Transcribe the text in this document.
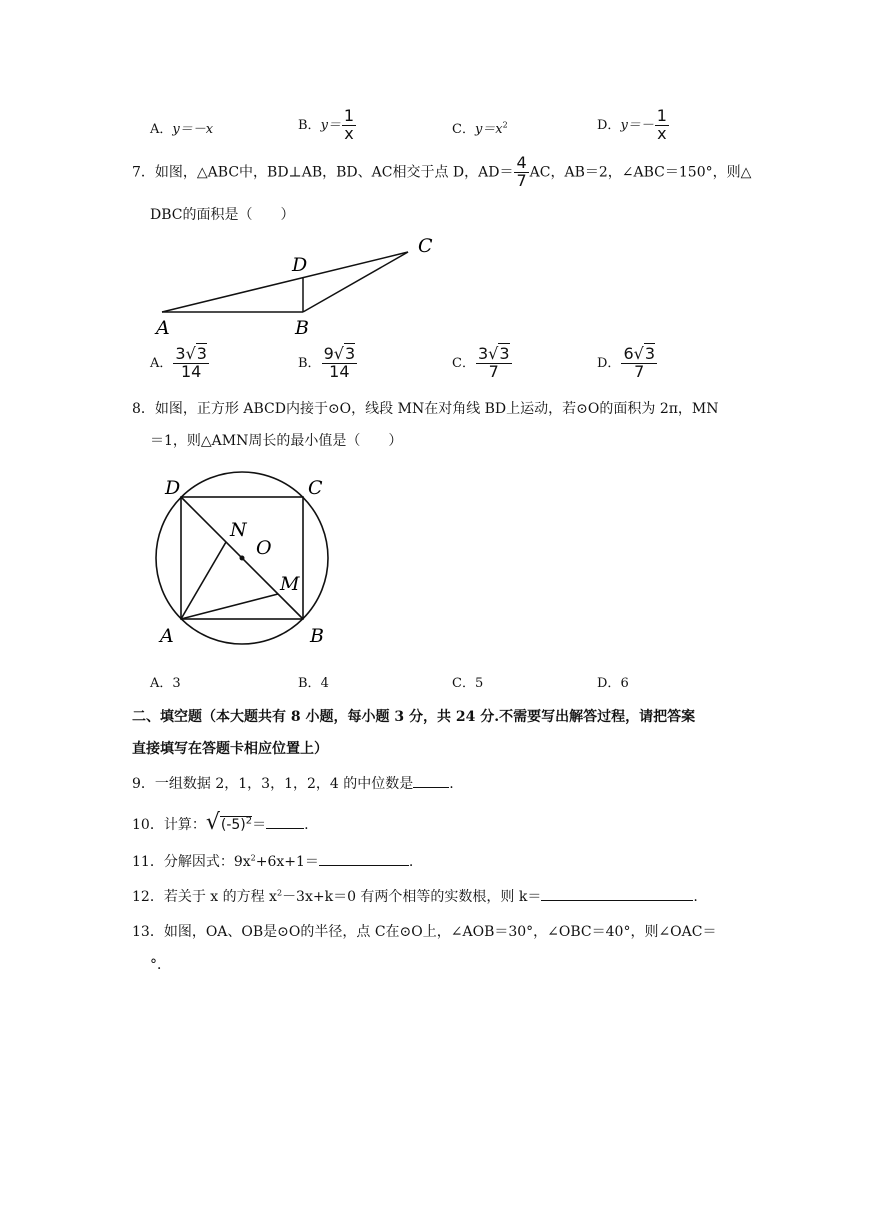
A．y＝－x	B．$y= \frac{1}{x}$	C．$y=x^2$	D．$y=- \frac{1}{x}$
7．如图，△ABC中，BD⊥AB，BD、AC相交于点 D，$AD= \frac{4}{7}$ AC，AB＝2，∠ABC＝150°，则△
DBC的面积是（　　）
A	B
C
D
A． $\frac{3√3}{14}$	B． $\frac{9√3}{14}$	C． $\frac{3√3}{7}$	D． $\frac{6√3}{7}$
8．如图，正方形 ABCD内接于⊙O，线段 MN在对角线 BD上运动，若⊙O的面积为 2π，MN
＝1，则△AMN周长的最小值是（　　）
D	C
A	B
N
O
M
A．3	B．4	C．5	D．6
二、填空题（本大题共有 8 小题，每小题 3 分，共 24 分.不需要写出解答过程，请把答案
直接填写在答题卡相应位置上）
9．一组数据 2，1，3，1，2，4 的中位数是	.
10．计算：$√(-5)^2=$	.
11．分解因式：$9x^2+6x+1=$	.
12．若关于 x 的方程 $x^2-3x+k=0$ 有两个相等的实数根，则 k＝	.
13．如图，OA、OB是⊙O的半径，点 C在⊙O上，∠AOB＝30°，∠OBC＝40°，则∠OAC＝
°．
